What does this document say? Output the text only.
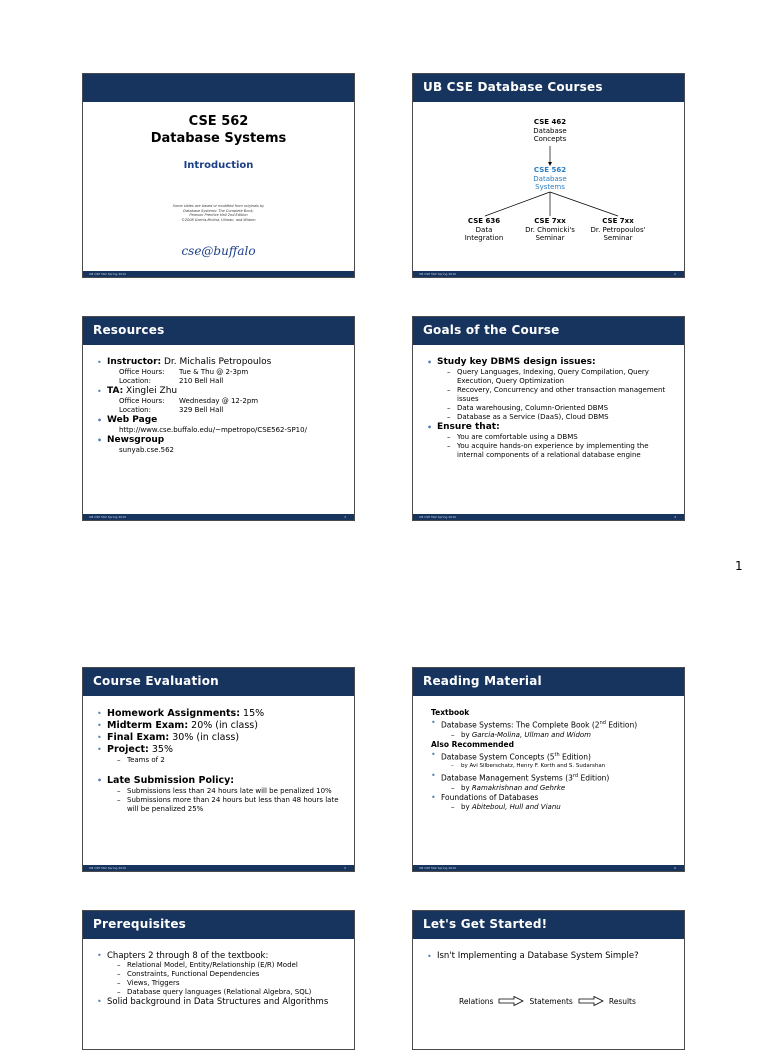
CSE 562
Database Systems
Introduction
Some slides are based or modified from originals by
Database Systems: The Complete Book,
Pearson Prentice Hall 2nd Edition
©2008 Garcia-Molina, Ullman, and Widom
cse@buffalo
UB CSE 562 Spring 2010
UB CSE Database Courses
CSE 462
Database
Concepts
CSE 562
Database
Systems
CSE 636
Data
Integration
CSE 7xx
Dr. Chomicki's
Seminar
CSE 7xx
Dr. Petropoulos'
Seminar
UB CSE 562 Spring 2010	2
Resources
• Instructor: Dr. Michalis Petropoulos
Office Hours:	Tue & Thu @ 2-3pm
Location:	210 Bell Hall
• TA: Xinglei Zhu
Office Hours:	Wednesday @ 12-2pm
Location:	329 Bell Hall
• Web Page
http://www.cse.buffalo.edu/~mpetropo/CSE562-SP10/
• Newsgroup
sunyab.cse.562
UB CSE 562 Spring 2010	3
Goals of the Course
• Study key DBMS design issues:
– Query Languages, Indexing, Query Compilation, Query Execution, Query Optimization
– Recovery, Concurrency and other transaction management issues
– Data warehousing, Column-Oriented DBMS
– Database as a Service (DaaS), Cloud DBMS
• Ensure that:
– You are comfortable using a DBMS
– You acquire hands-on experience by implementing the internal components of a relational database engine
UB CSE 562 Spring 2010	4
1
Course Evaluation
• Homework Assignments: 15%
• Midterm Exam: 20% (in class)
• Final Exam: 30% (in class)
• Project: 35%
– Teams of 2
• Late Submission Policy:
– Submissions less than 24 hours late will be penalized 10%
– Submissions more than 24 hours but less than 48 hours late will be penalized 25%
UB CSE 562 Spring 2010	5
Reading Material
Textbook
• Database Systems: The Complete Book (2nd Edition)
– by Garcia-Molina, Ullman and Widom
Also Recommended
• Database System Concepts (5th Edition)
– by Avi Silberschatz, Henry F. Korth and S. Sudarshan
• Database Management Systems (3rd Edition)
– by Ramakrishnan and Gehrke
• Foundations of Databases
– by Abiteboul, Hull and Vianu
UB CSE 562 Spring 2010	6
Prerequisites
• Chapters 2 through 8 of the textbook:
– Relational Model, Entity/Relationship (E/R) Model
– Constraints, Functional Dependencies
– Views, Triggers
– Database query languages (Relational Algebra, SQL)
• Solid background in Data Structures and Algorithms
Let's Get Started!
• Isn't Implementing a Database System Simple?
Relations	Statements	Results
